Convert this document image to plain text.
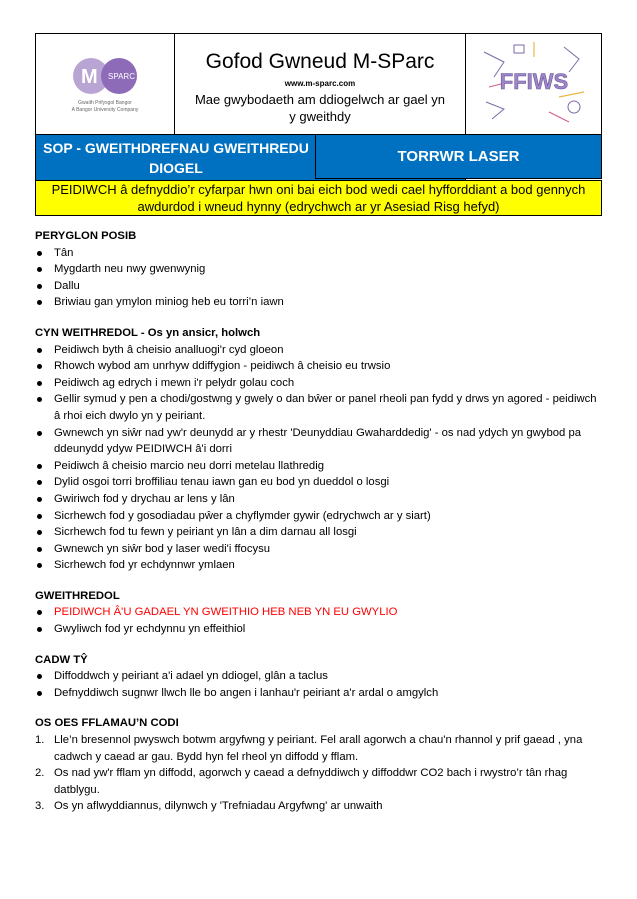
M SPARC
Gwaith Prifysgol Bangor
A Bangor University Company

Gofod Gwneud M-SParc
www.m-sparc.com
Mae gwybodaeth am ddiogelwch ar gael yn y gweithdy

FFIWS

SOP - GWEITHDREFNAU GWEITHREDU DIOGEL

PEIDIWCH â defnyddio’r cyfarpar hwn oni bai eich bod wedi cael hyfforddiant a bod gennych awdurdod i wneud hynny (edrychwch ar yr Asesiad Risg hefyd)
TORRWR LASER
PERYGLON POSIB
Tân
Mygdarth neu nwy gwenwynig
Dallu
Briwiau gan ymylon miniog heb eu torri’n iawn
CYN WEITHREDOL - Os yn ansicr, holwch
Peidiwch byth â cheisio analluogi'r cyd gloeon
Rhowch wybod am unrhyw ddiffygion - peidiwch â cheisio eu trwsio
Peidiwch ag edrych i mewn i'r pelydr golau coch
Gellir symud y pen a chodi/gostwng y gwely o dan bŵer or panel rheoli pan fydd y drws yn agored - peidiwch â rhoi eich dwylo yn y peiriant.
Gwnewch yn siŵr nad yw'r deunydd ar y rhestr 'Deunyddiau Gwaharddedig' - os nad ydych yn gwybod pa ddeunydd ydyw PEIDIWCH â'i dorri
Peidiwch â cheisio marcio neu dorri metelau llathredig
Dylid osgoi torri broffiliau tenau iawn gan eu bod yn dueddol o losgi
Gwiriwch fod y drychau ar lens y lân
Sicrhewch fod y gosodiadau pŵer a chyflymder gywir (edrychwch ar y siart)
Sicrhewch fod tu fewn y peiriant yn lân a dim darnau all losgi
Gwnewch yn siŵr bod y laser wedi'i ffocysu
Sicrhewch fod yr echdynnwr ymlaen
GWEITHREDOL
PEIDIWCH Â'U GADAEL YN GWEITHIO HEB NEB YN EU GWYLIO
Gwyliwch fod yr echdynnu yn effeithiol
CADW TŶ
Diffoddwch y peiriant a'i adael yn ddiogel, glân a taclus
Defnyddiwch sugnwr llwch lle bo angen i lanhau'r peiriant a'r ardal o amgylch
OS OES FFLAMAU’N CODI
1. Lle’n bresennol pwyswch botwm argyfwng y peiriant. Fel arall agorwch a chau'n rhannol y prif gaead , yna cadwch y caead ar gau. Bydd hyn fel rheol yn diffodd y fflam.
2. Os nad yw'r fflam yn diffodd, agorwch y caead a defnyddiwch y diffoddwr CO2 bach i rwystro’r tân rhag datblygu.
3. Os yn aflwyddiannus, dilynwch y 'Trefniadau Argyfwng' ar unwaith
